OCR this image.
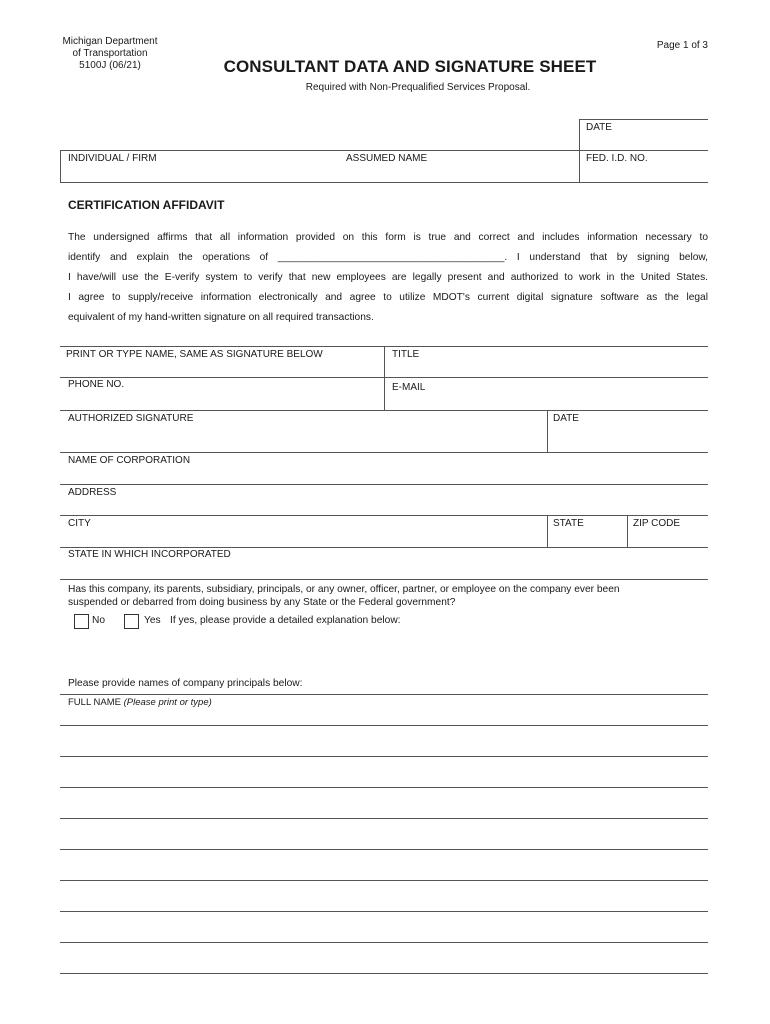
Michigan Department
of Transportation
5100J (06/21)
Page 1 of 3
CONSULTANT DATA AND SIGNATURE SHEET
Required with Non-Prequalified Services Proposal.
DATE
INDIVIDUAL / FIRM	ASSUMED NAME	FED. I.D. NO.
CERTIFICATION AFFIDAVIT
The undersigned affirms that all information provided on this form is true and correct and includes information necessary to
identify and explain the operations of ________________________________________. I understand that by signing below,
I have/will use the E-verify system to verify that new employees are legally present and authorized to work in the United States.
I agree to supply/receive information electronically and agree to utilize MDOT's current digital signature software as the legal
equivalent of my hand-written signature on all required transactions.
PRINT OR TYPE NAME, SAME AS SIGNATURE BELOW	TITLE
PHONE NO.	E-MAIL
AUTHORIZED SIGNATURE	DATE
NAME OF CORPORATION
ADDRESS
CITY	STATE	ZIP CODE
STATE IN WHICH INCORPORATED
Has this company, its parents, subsidiary, principals, or any owner, officer, partner, or employee on the company ever been
suspended or debarred from doing business by any State or the Federal government?
No	Yes If yes, please provide a detailed explanation below:
Please provide names of company principals below:
FULL NAME (Please print or type)
